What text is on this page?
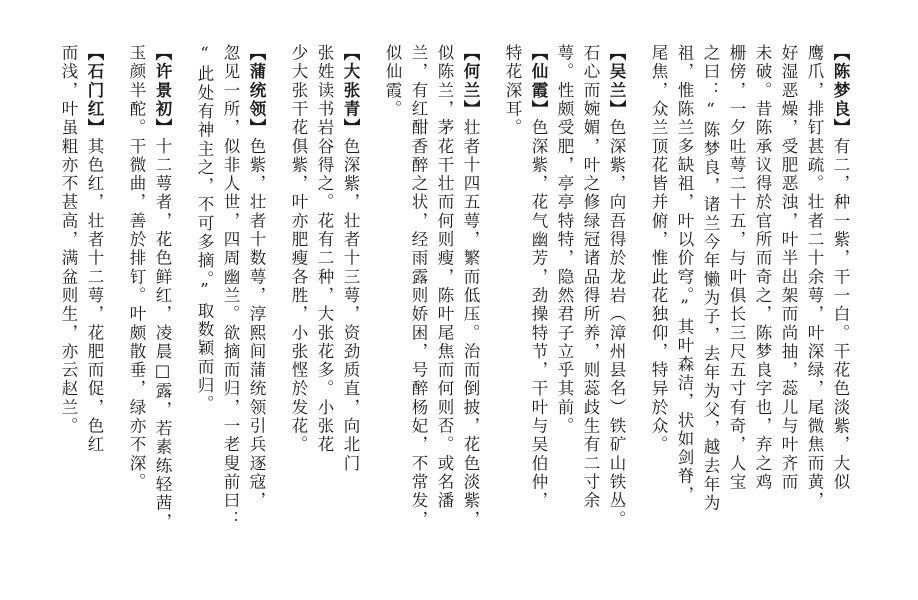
【陈梦良】有二，种一紫，干一白。干花色淡紫，大似
鹰爪，排钉甚疏。壮者二十余萼，叶深绿，尾微焦而黄，
好湿恶燥，受肥恶浊，叶半出架而尚抽，蕊儿与叶齐而
未破。昔陈承议得於官所而奇之，陈梦良字也，弃之鸡
栅傍，一夕吐萼二十五，与叶俱长三尺五寸有奇，人宝
之曰：“陈梦良，诸兰今年懒为子，去年为父，越去年为
祖，惟陈兰多缺祖，叶以价穹。”其叶森洁，状如剑脊，
尾焦，众兰顶花皆并俯，惟此花独仰，特异於众。
【吴兰】色深紫，向吾得於龙岩（漳州县名）铁矿山铁丛。
石心而婉媚，叶之修绿冠诸品得所养，则蕊歧生有二寸余
萼。性颇受肥，亭亭特特，隐然君子立乎其前。
【仙霞】色深紫，花气幽芳，劲操特节，干叶与吴伯仲，
特花深耳。
【何兰】壮者十四五萼，繁而低压。治而倒披，花色淡紫，
似陈兰，茅花干壮而何则瘦，陈叶尾焦而何则否。或名潘
兰，有红酣香醉之状，经雨露则娇困，号醉杨妃，不常发，
似仙霞。
【大张青】色深紫，壮者十三萼，资劲质直，向北门
张姓读书岩谷得之。花有二种，大张花多。小张花
少大张干花俱紫，叶亦肥瘦各胜，小张悭於发花。
【蒲统领】色紫，壮者十数萼，淳熙间蒲统领引兵逐寇，
忽见一所，似非人世，四周幽兰。欲摘而归，一老叟前曰：
“此处有神主之，不可多摘。”取数颖而归。
【许景初】十二萼者，花色鲜红，凌晨□露，若素练轻茜，
玉颜半酡。干微曲，善於排钉。叶颇散垂，绿亦不深。
【石门红】其色红，壮者十二萼，花肥而促，色红
而浅，叶虽粗亦不甚高，满盆则生，亦云赵兰。
